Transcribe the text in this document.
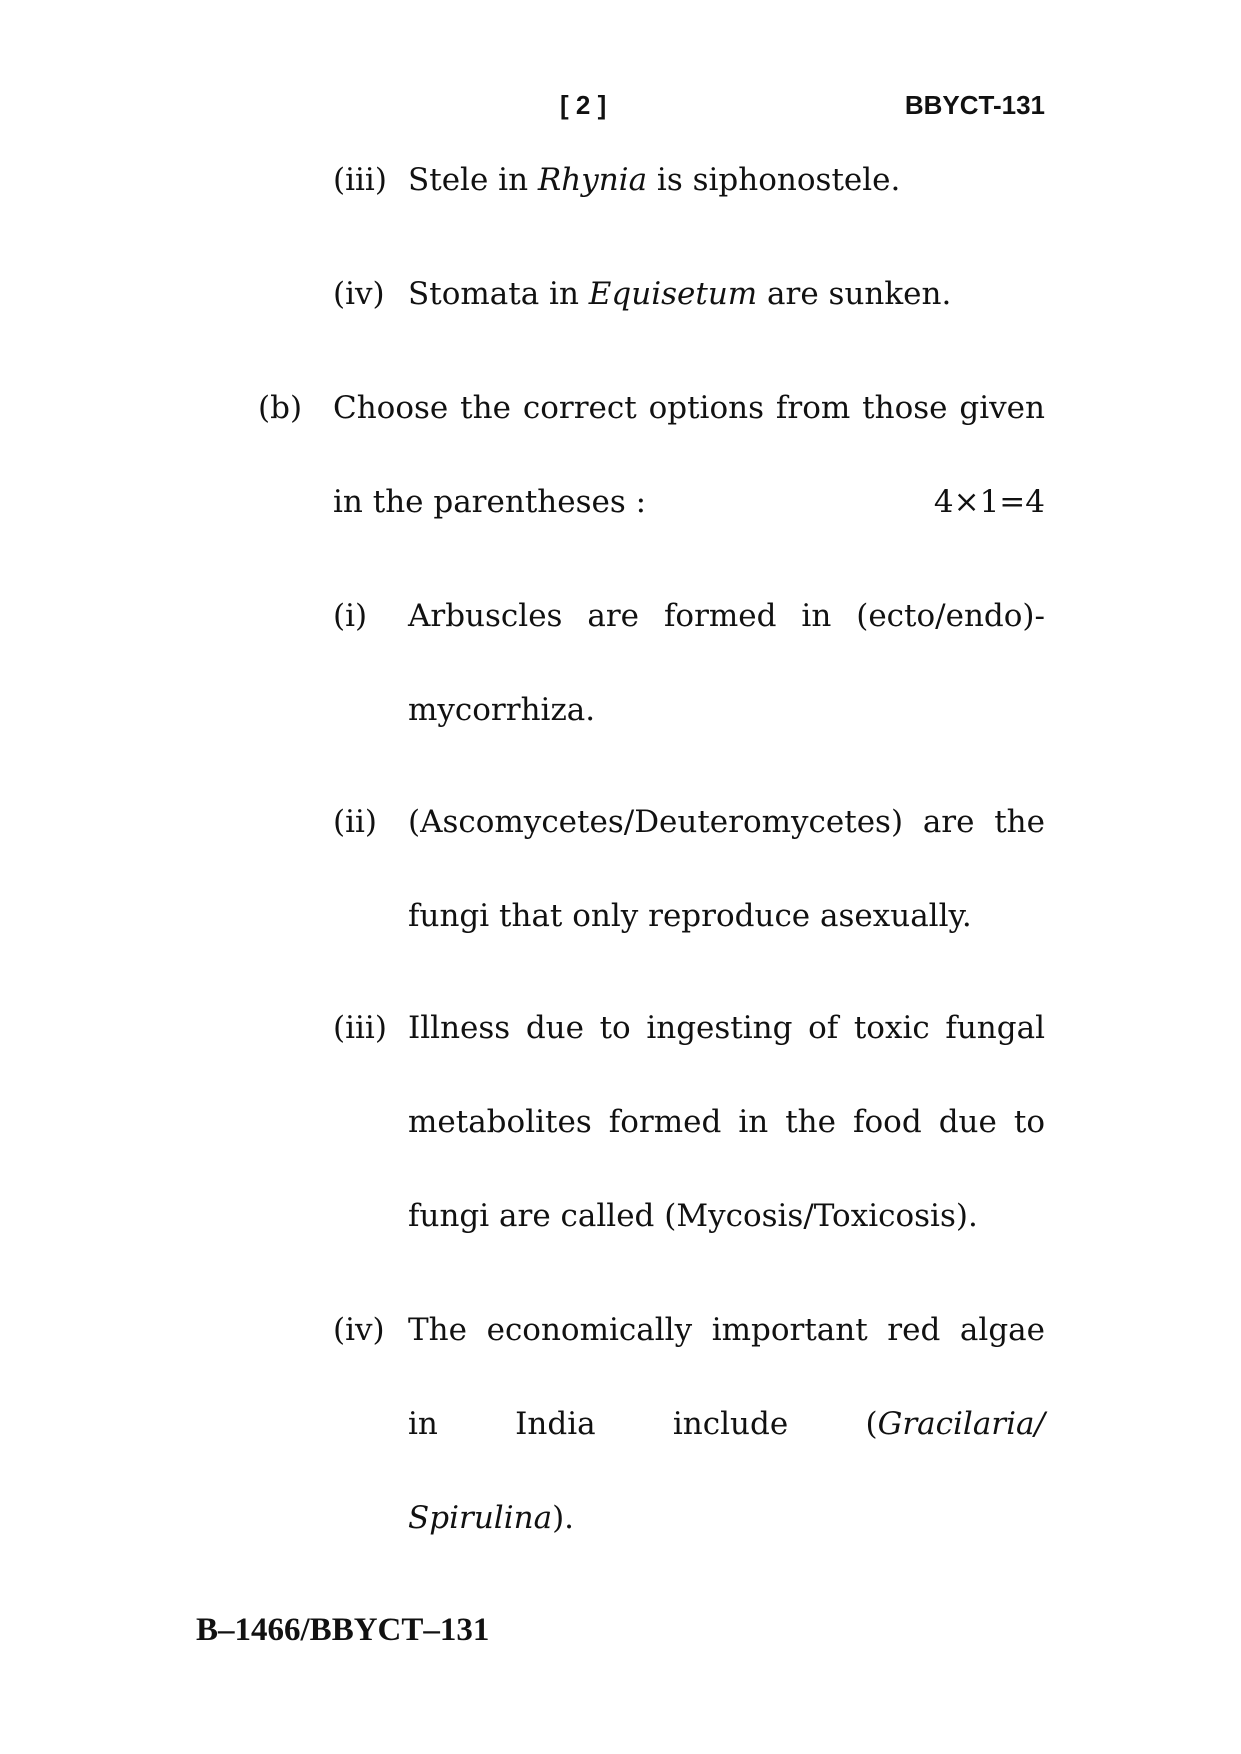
[ 2 ]	BBYCT-131
(iii) Stele in Rhynia is siphonostele.
(iv) Stomata in Equisetum are sunken.
(b) Choose the correct options from those given
in the parentheses :	4×1=4
(i) Arbuscles are formed in (ecto/endo)-
mycorrhiza.
(ii) (Ascomycetes/Deuteromycetes) are the
fungi that only reproduce asexually.
(iii) Illness due to ingesting of toxic fungal
metabolites formed in the food due to
fungi are called (Mycosis/Toxicosis).
(iv) The economically important red algae
in India include (Gracilaria/
Spirulina).
B–1466/BBYCT–131
